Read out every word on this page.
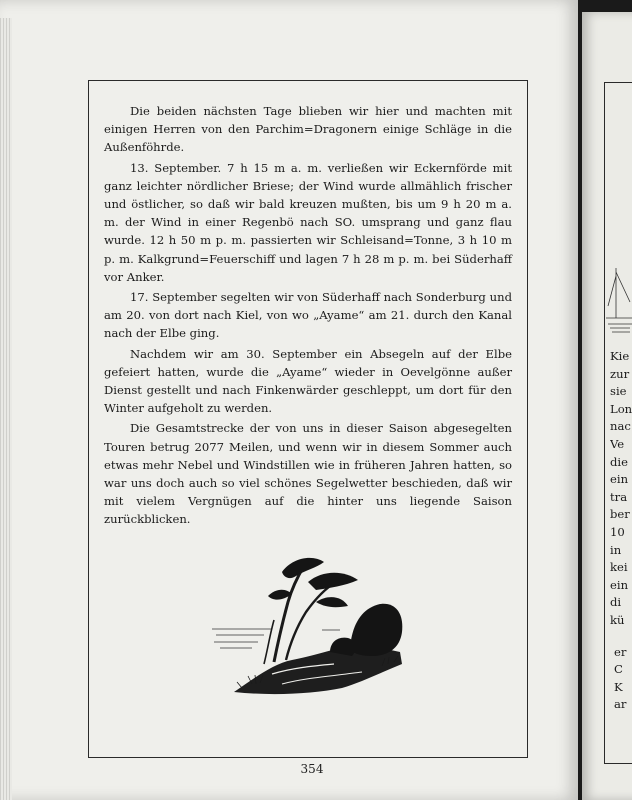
Die beiden nächsten Tage blieben wir hier und machten mit einigen Herren von den Parchim=Dragonern einige Schläge in die Außenföhrde.

13. September. 7 h 15 m a. m. verließen wir Eckernförde mit ganz leichter nördlicher Briese; der Wind wurde allmählich frischer und östlicher, so daß wir bald kreuzen mußten, bis um 9 h 20 m a. m. der Wind in einer Regenbö nach SO. umsprang und ganz flau wurde. 12 h 50 m p. m. passierten wir Schleisand=Tonne, 3 h 10 m p. m. Kalkgrund=Feuerschiff und lagen 7 h 28 m p. m. bei Süderhaff vor Anker.

17. September segelten wir von Süderhaff nach Sonderburg und am 20. von dort nach Kiel, von wo „Ayame“ am 21. durch den Kanal nach der Elbe ging.

Nachdem wir am 30. September ein Absegeln auf der Elbe gefeiert hatten, wurde die „Ayame“ wieder in Oevelgönne außer Dienst gestellt und nach Finkenwärder geschleppt, um dort für den Winter aufgeholt zu werden.

Die Gesamtstrecke der von uns in dieser Saison abgesegelten Touren betrug 2077 Meilen, und wenn wir in diesem Sommer auch etwas mehr Nebel und Windstillen wie in früheren Jahren hatten, so war uns doch auch so viel schönes Segelwetter beschieden, daß wir mit vielem Vergnügen auf die hinter uns liegende Saison zurückblicken.

354
Kie
zur
sie
Lon
nac
Ve
die
ein
tra
ber
10
in
kei
ein
di
kü
er
C
K
ar
